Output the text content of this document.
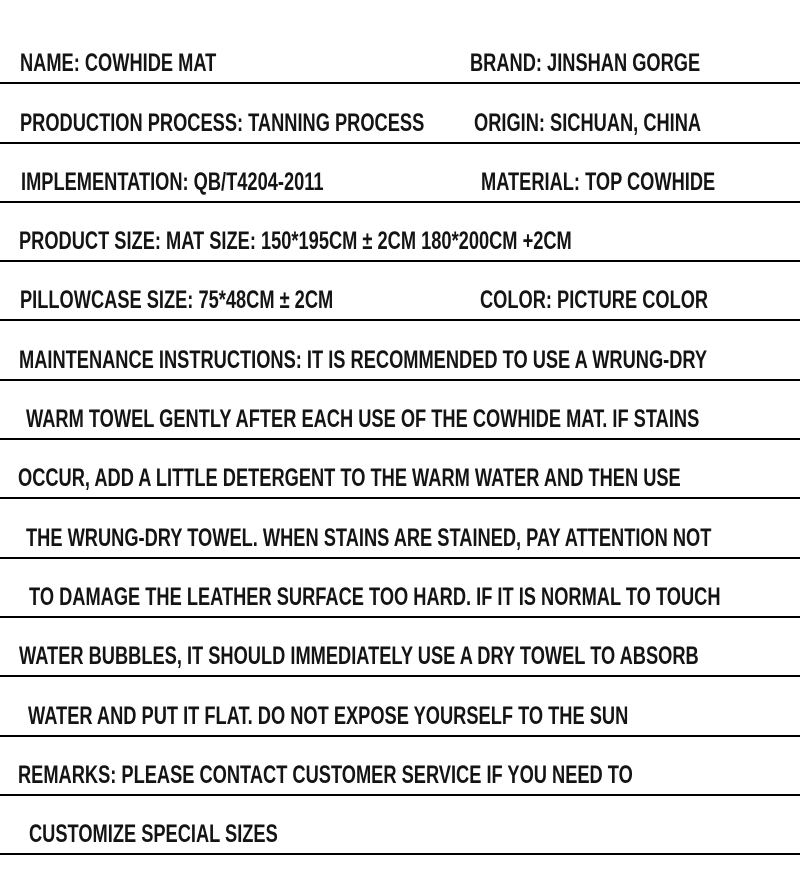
NAME: COWHIDE MAT	BRAND: JINSHAN GORGE
PRODUCTION PROCESS: TANNING PROCESS ORIGIN: SICHUAN, CHINA
IMPLEMENTATION: QB/T4204-2011	MATERIAL: TOP COWHIDE
PRODUCT SIZE: MAT SIZE: 150*195CM ± 2CM 180*200CM +2CM
PILLOWCASE SIZE: 75*48CM ± 2CM	COLOR: PICTURE COLOR
MAINTENANCE INSTRUCTIONS: IT IS RECOMMENDED TO USE A WRUNG-DRY
WARM TOWEL GENTLY AFTER EACH USE OF THE COWHIDE MAT. IF STAINS
OCCUR, ADD A LITTLE DETERGENT TO THE WARM WATER AND THEN USE
THE WRUNG-DRY TOWEL. WHEN STAINS ARE STAINED, PAY ATTENTION NOT
TO DAMAGE THE LEATHER SURFACE TOO HARD. IF IT IS NORMAL TO TOUCH
WATER BUBBLES, IT SHOULD IMMEDIATELY USE A DRY TOWEL TO ABSORB
WATER AND PUT IT FLAT. DO NOT EXPOSE YOURSELF TO THE SUN
REMARKS: PLEASE CONTACT CUSTOMER SERVICE IF YOU NEED TO
CUSTOMIZE SPECIAL SIZES
